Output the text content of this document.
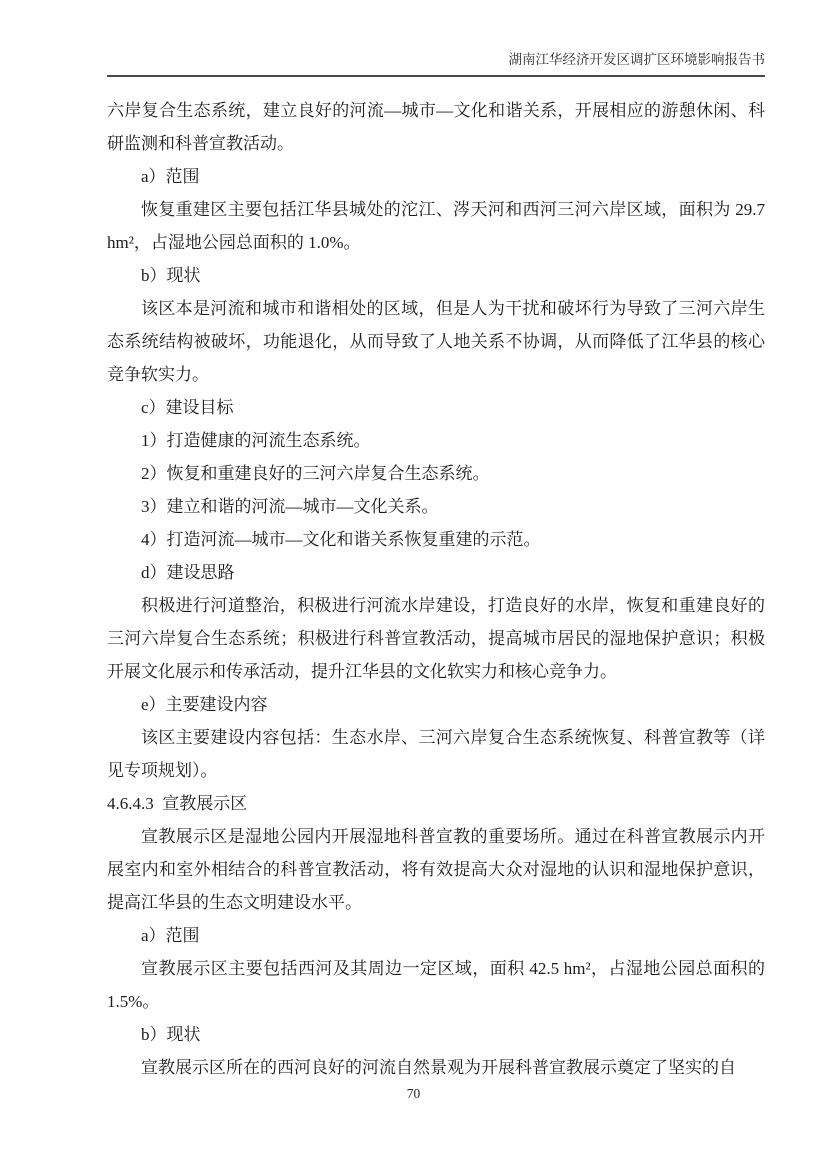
湖南江华经济开发区调扩区环境影响报告书

六岸复合生态系统，建立良好的河流—城市—文化和谐关系，开展相应的游憩休闲、科研监测和科普宣教活动。

a）范围

恢复重建区主要包括江华县城处的沱江、涔天河和西河三河六岸区域，面积为 29.7 hm²，占湿地公园总面积的 1.0%。

b）现状

该区本是河流和城市和谐相处的区域，但是人为干扰和破坏行为导致了三河六岸生态系统结构被破坏，功能退化，从而导致了人地关系不协调，从而降低了江华县的核心竞争软实力。

c）建设目标

1）打造健康的河流生态系统。

2）恢复和重建良好的三河六岸复合生态系统。

3）建立和谐的河流—城市—文化关系。

4）打造河流—城市—文化和谐关系恢复重建的示范。

d）建设思路

积极进行河道整治，积极进行河流水岸建设，打造良好的水岸，恢复和重建良好的三河六岸复合生态系统；积极进行科普宣教活动，提高城市居民的湿地保护意识；积极开展文化展示和传承活动，提升江华县的文化软实力和核心竞争力。

e）主要建设内容

该区主要建设内容包括：生态水岸、三河六岸复合生态系统恢复、科普宣教等（详见专项规划）。

4.6.4.3  宣教展示区

宣教展示区是湿地公园内开展湿地科普宣教的重要场所。通过在科普宣教展示内开展室内和室外相结合的科普宣教活动，将有效提高大众对湿地的认识和湿地保护意识，提高江华县的生态文明建设水平。

a）范围

宣教展示区主要包括西河及其周边一定区域，面积 42.5 hm²，占湿地公园总面积的 1.5%。

b）现状

宣教展示区所在的西河良好的河流自然景观为开展科普宣教展示奠定了坚实的自

70
